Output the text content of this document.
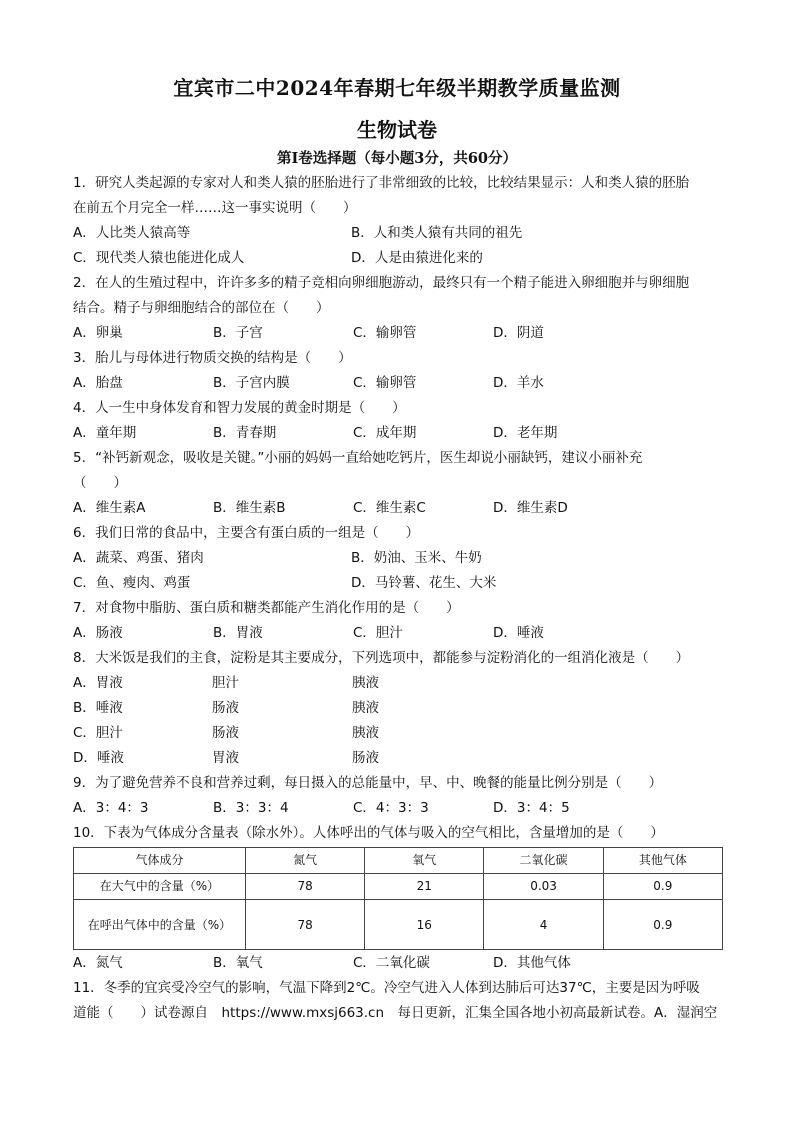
宜宾市二中2024年春期七年级半期教学质量监测
生物试卷
第Ⅰ卷选择题（每小题3分，共60分）

1．研究人类起源的专家对人和类人猿的胚胎进行了非常细致的比较，比较结果显示：人和类人猿的胚胎

在前五个月完全一样……这一事实说明（　　）

A．人比类人猿高等	B．人和类人猿有共同的祖先
C．现代类人猿也能进化成人	D．人是由猿进化来的

2．在人的生殖过程中，许许多多的精子竞相向卵细胞游动，最终只有一个精子能进入卵细胞并与卵细胞

结合。精子与卵细胞结合的部位在（　　）

A．卵巢	B．子宫	C．输卵管	D．阴道

3．胎儿与母体进行物质交换的结构是（　　）

A．胎盘	B．子宫内膜	C．输卵管	D．羊水

4．人一生中身体发育和智力发展的黄金时期是（　　）

A．童年期	B．青春期	C．成年期	D．老年期

5．“补钙新观念，吸收是关键。”小丽的妈妈一直给她吃钙片，医生却说小丽缺钙，建议小丽补充

（　　）

A．维生素A	B．维生素B	C．维生素C	D．维生素D

6．我们日常的食品中，主要含有蛋白质的一组是（　　）

A．蔬菜、鸡蛋、猪肉	B．奶油、玉米、牛奶
C．鱼、瘦肉、鸡蛋	D．马铃薯、花生、大米

7．对食物中脂肪、蛋白质和糖类都能产生消化作用的是（　　）

A．肠液	B．胃液	C．胆汁	D．唾液

8．大米饭是我们的主食，淀粉是其主要成分，下列选项中，都能参与淀粉消化的一组消化液是（　　）

A．胃液	胆汁	胰液
B．唾液	肠液	胰液
C．胆汁	肠液	胰液
D．唾液	胃液	肠液

9．为了避免营养不良和营养过剩，每日摄入的总能量中，早、中、晚餐的能量比例分别是（　　）

A．3：4：3	B．3：3：4	C．4：3：3	D．3：4：5

10．下表为气体成分含量表（除水外）。人体呼出的气体与吸入的空气相比，含量增加的是（　　）

气体成分	氮气	氧气	二氧化碳	其他气体
在大气中的含量（%）	78	21	0.03	0.9
在呼出气体中的含量（%）	78	16	4	0.9
A．氮气	B．氧气	C．二氧化碳	D．其他气体

11．冬季的宜宾受冷空气的影响，气温下降到2℃。冷空气进入人体到达肺后可达37℃，主要是因为呼吸

道能（　　）试卷源自　https://www.mxsj663.cn　每日更新，汇集全国各地小初高最新试卷。A．湿润空
